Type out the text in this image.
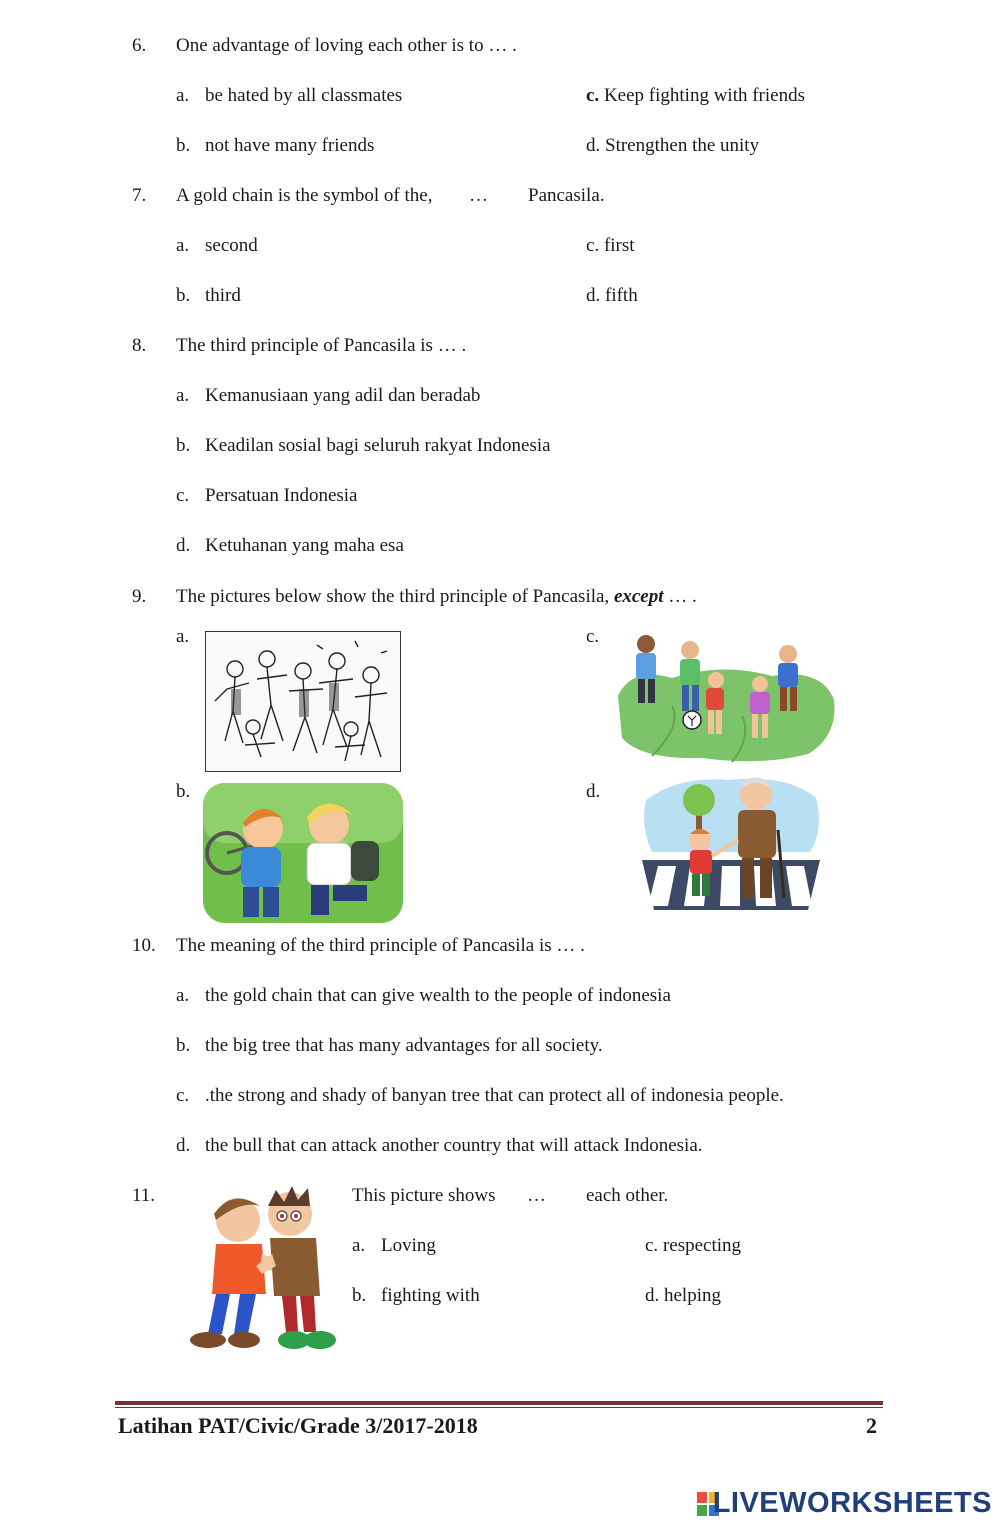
6. One advantage of loving each other is to … .
a. be hated by all classmates
b. not have many friends
c. Keep fighting with friends
d. Strengthen the unity
7. A gold chain is the symbol of the, … Pancasila.
a. second
b. third
c. first
d. fifth
8. The third principle of Pancasila is … .
a. Kemanusiaan yang adil dan beradab
b. Keadilan sosial bagi seluruh rakyat Indonesia
c. Persatuan Indonesia
d. Ketuhanan yang maha esa
9. The pictures below show the third principle of Pancasila, except … .
a.
b.
c.
d.
10. The meaning of the third principle of Pancasila is … .
a. the gold chain that can give wealth to the people of indonesia
b. the big tree that has many advantages for all society.
c. .the strong and shady of banyan tree that can protect all of indonesia people.
d. the bull that can attack another country that will attack Indonesia.
11.	This picture shows … each other.
a. Loving
b. fighting with
c. respecting
d. helping
Latihan PAT/Civic/Grade 3/2017-2018	2
LIVEWORKSHEETS
